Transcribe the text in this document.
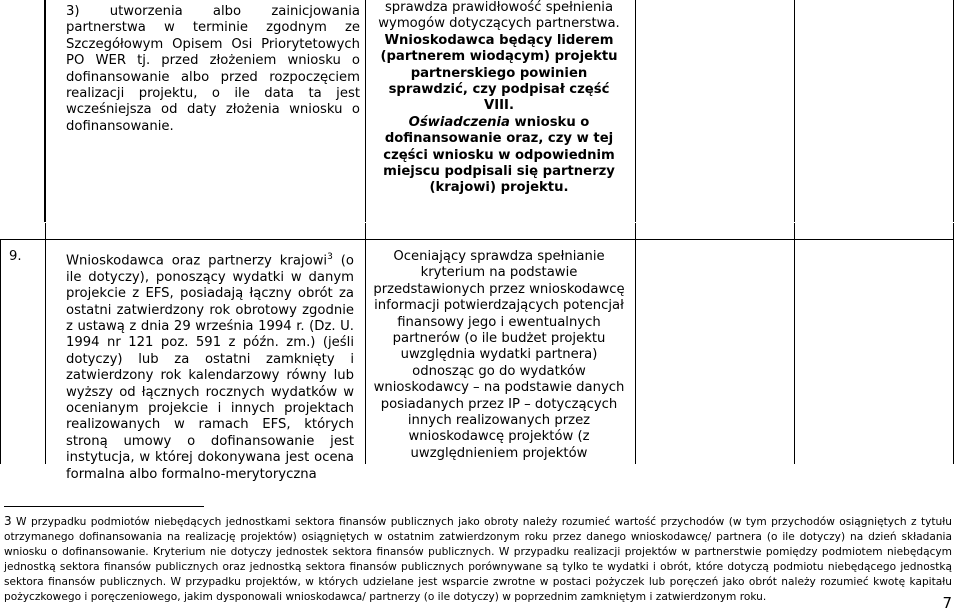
3) utworzenia albo zainicjowania partnerstwa w terminie zgodnym ze Szczegółowym Opisem Osi Priorytetowych PO WER tj. przed złożeniem wniosku o dofinansowanie albo przed rozpoczęciem realizacji projektu, o ile data ta jest wcześniejsza od daty złożenia wniosku o dofinansowanie.
sprawdza prawidłowość spełnienia wymogów dotyczących partnerstwa.
Wnioskodawca będący liderem (partnerem wiodącym) projektu partnerskiego powinien sprawdzić, czy podpisał część VIII.
Oświadczenia wniosku o dofinansowanie oraz, czy w tej części wniosku w odpowiednim miejscu podpisali się partnerzy (krajowi) projektu.
9.	Wnioskodawca oraz partnerzy krajowi$^3$ (o ile dotyczy), ponoszący wydatki w danym projekcie z EFS, posiadają łączny obrót za ostatni zatwierdzony rok obrotowy zgodnie z ustawą z dnia 29 września 1994 r. (Dz. U. 1994 nr 121 poz. 591 z późn. zm.) (jeśli dotyczy) lub za ostatni zamknięty i zatwierdzony rok kalendarzowy równy lub wyższy od łącznych rocznych wydatków w ocenianym projekcie i innych projektach realizowanych w ramach EFS, których stroną umowy o dofinansowanie jest instytucja, w której dokonywana jest ocena formalna albo formalno-merytoryczna
Oceniający sprawdza spełnianie kryterium na podstawie przedstawionych przez wnioskodawcę informacji potwierdzających potencjał finansowy jego i ewentualnych partnerów (o ile budżet projektu uwzględnia wydatki partnera) odnosząc go do wydatków wnioskodawcy – na podstawie danych posiadanych przez IP – dotyczących innych realizowanych przez wnioskodawcę projektów (z uwzględnieniem projektów
3 W przypadku podmiotów niebędących jednostkami sektora finansów publicznych jako obroty należy rozumieć wartość przychodów (w tym przychodów osiągniętych z tytułu otrzymanego dofinansowania na realizację projektów) osiągniętych w ostatnim zatwierdzonym roku przez danego wnioskodawcę/ partnera (o ile dotyczy) na dzień składania wniosku o dofinansowanie. Kryterium nie dotyczy jednostek sektora finansów publicznych. W przypadku realizacji projektów w partnerstwie pomiędzy podmiotem niebędącym jednostką sektora finansów publicznych oraz jednostką sektora finansów publicznych porównywane są tylko te wydatki i obrót, które dotyczą podmiotu niebędącego jednostką sektora finansów publicznych. W przypadku projektów, w których udzielane jest wsparcie zwrotne w postaci pożyczek lub poręczeń jako obrót należy rozumieć kwotę kapitału pożyczkowego i poręczeniowego, jakim dysponowali wnioskodawca/ partnerzy (o ile dotyczy) w poprzednim zamkniętym i zatwierdzonym roku.	7
